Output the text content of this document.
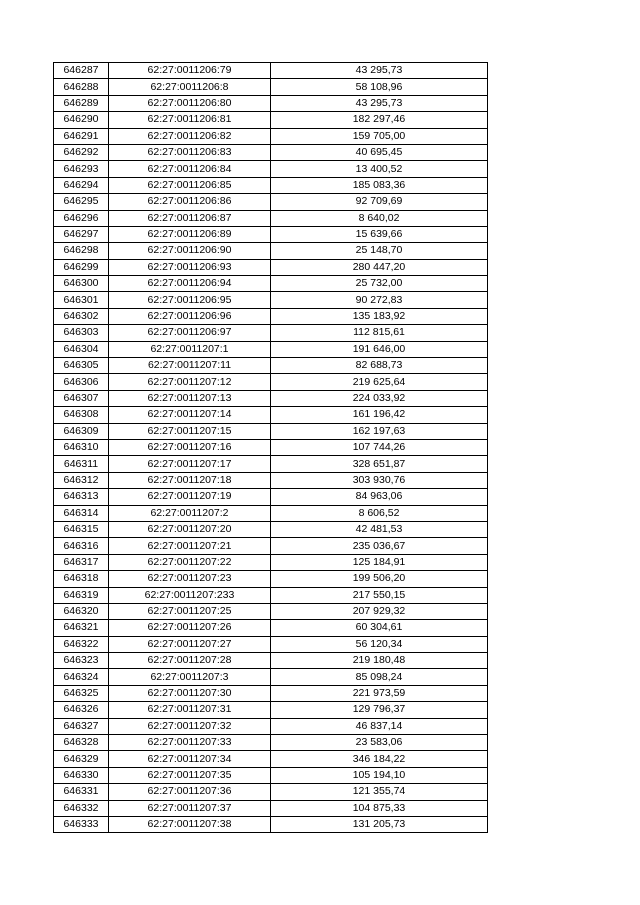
646287	62:27:0011206:79	43 295,73
646288	62:27:0011206:8	58 108,96
646289	62:27:0011206:80	43 295,73
646290	62:27:0011206:81	182 297,46
646291	62:27:0011206:82	159 705,00
646292	62:27:0011206:83	40 695,45
646293	62:27:0011206:84	13 400,52
646294	62:27:0011206:85	185 083,36
646295	62:27:0011206:86	92 709,69
646296	62:27:0011206:87	8 640,02
646297	62:27:0011206:89	15 639,66
646298	62:27:0011206:90	25 148,70
646299	62:27:0011206:93	280 447,20
646300	62:27:0011206:94	25 732,00
646301	62:27:0011206:95	90 272,83
646302	62:27:0011206:96	135 183,92
646303	62:27:0011206:97	112 815,61
646304	62:27:0011207:1	191 646,00
646305	62:27:0011207:11	82 688,73
646306	62:27:0011207:12	219 625,64
646307	62:27:0011207:13	224 033,92
646308	62:27:0011207:14	161 196,42
646309	62:27:0011207:15	162 197,63
646310	62:27:0011207:16	107 744,26
646311	62:27:0011207:17	328 651,87
646312	62:27:0011207:18	303 930,76
646313	62:27:0011207:19	84 963,06
646314	62:27:0011207:2	8 606,52
646315	62:27:0011207:20	42 481,53
646316	62:27:0011207:21	235 036,67
646317	62:27:0011207:22	125 184,91
646318	62:27:0011207:23	199 506,20
646319	62:27:0011207:233	217 550,15
646320	62:27:0011207:25	207 929,32
646321	62:27:0011207:26	60 304,61
646322	62:27:0011207:27	56 120,34
646323	62:27:0011207:28	219 180,48
646324	62:27:0011207:3	85 098,24
646325	62:27:0011207:30	221 973,59
646326	62:27:0011207:31	129 796,37
646327	62:27:0011207:32	46 837,14
646328	62:27:0011207:33	23 583,06
646329	62:27:0011207:34	346 184,22
646330	62:27:0011207:35	105 194,10
646331	62:27:0011207:36	121 355,74
646332	62:27:0011207:37	104 875,33
646333	62:27:0011207:38	131 205,73
